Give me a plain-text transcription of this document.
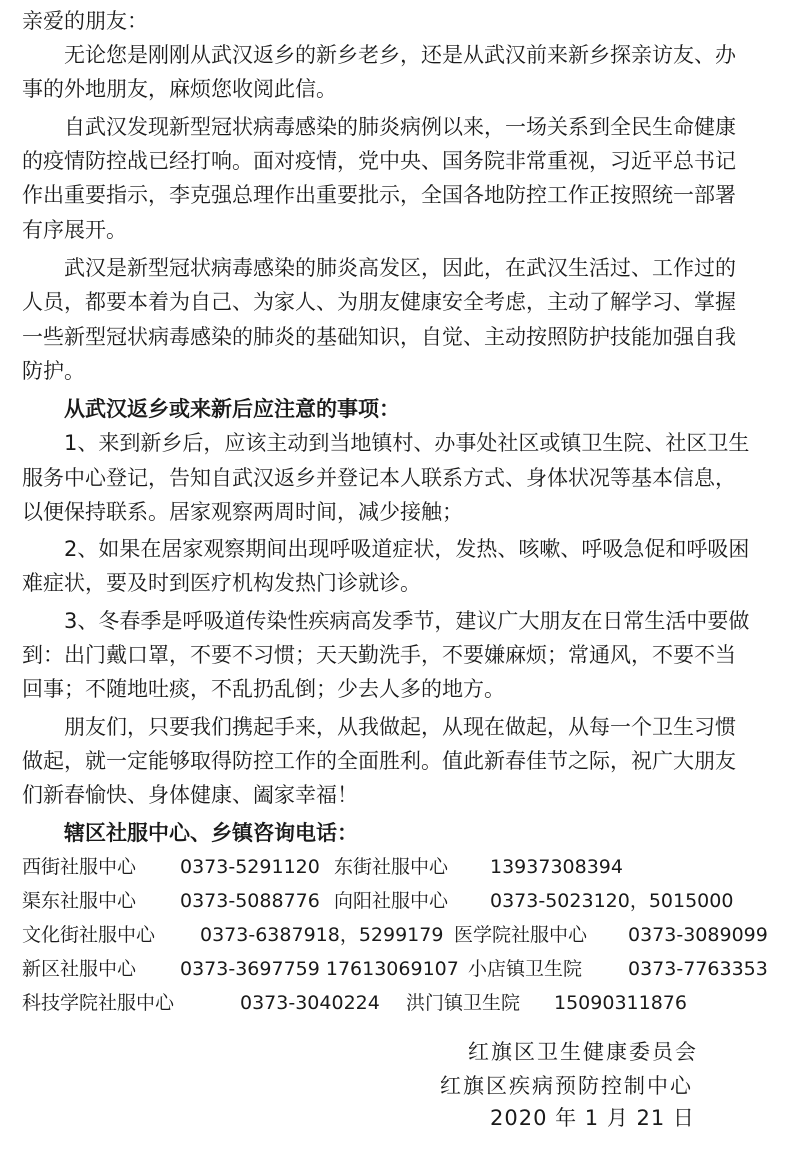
亲爱的朋友：
无论您是刚刚从武汉返乡的新乡老乡，还是从武汉前来新乡探亲访友、办
事的外地朋友，麻烦您收阅此信。
自武汉发现新型冠状病毒感染的肺炎病例以来，一场关系到全民生命健康
的疫情防控战已经打响。面对疫情，党中央、国务院非常重视，习近平总书记
作出重要指示，李克强总理作出重要批示，全国各地防控工作正按照统一部署
有序展开。
武汉是新型冠状病毒感染的肺炎高发区，因此，在武汉生活过、工作过的
人员，都要本着为自己、为家人、为朋友健康安全考虑，主动了解学习、掌握
一些新型冠状病毒感染的肺炎的基础知识，自觉、主动按照防护技能加强自我
防护。
从武汉返乡或来新后应注意的事项：
1、来到新乡后，应该主动到当地镇村、办事处社区或镇卫生院、社区卫生
服务中心登记，告知自武汉返乡并登记本人联系方式、身体状况等基本信息，
以便保持联系。居家观察两周时间，减少接触；
2、如果在居家观察期间出现呼吸道症状，发热、咳嗽、呼吸急促和呼吸困
难症状，要及时到医疗机构发热门诊就诊。
3、冬春季是呼吸道传染性疾病高发季节，建议广大朋友在日常生活中要做
到：出门戴口罩，不要不习惯；天天勤洗手，不要嫌麻烦；常通风，不要不当
回事；不随地吐痰，不乱扔乱倒；少去人多的地方。
朋友们，只要我们携起手来，从我做起，从现在做起，从每一个卫生习惯
做起，就一定能够取得防控工作的全面胜利。值此新春佳节之际，祝广大朋友
们新春愉快、身体健康、阖家幸福！
辖区社服中心、乡镇咨询电话：
西街社服中心 0373-5291120 东街社服中心 13937308394
渠东社服中心 0373-5088776 向阳社服中心 0373-5023120，5015000
文化街社服中心 0373-6387918，5299179 医学院社服中心 0373-3089099
新区社服中心 0373-3697759 17613069107 小店镇卫生院 0373-7763353
科技学院社服中心	0373-3040224 洪门镇卫生院 15090311876
红旗区卫生健康委员会
红旗区疾病预防控制中心
2020 年 1 月 21 日
